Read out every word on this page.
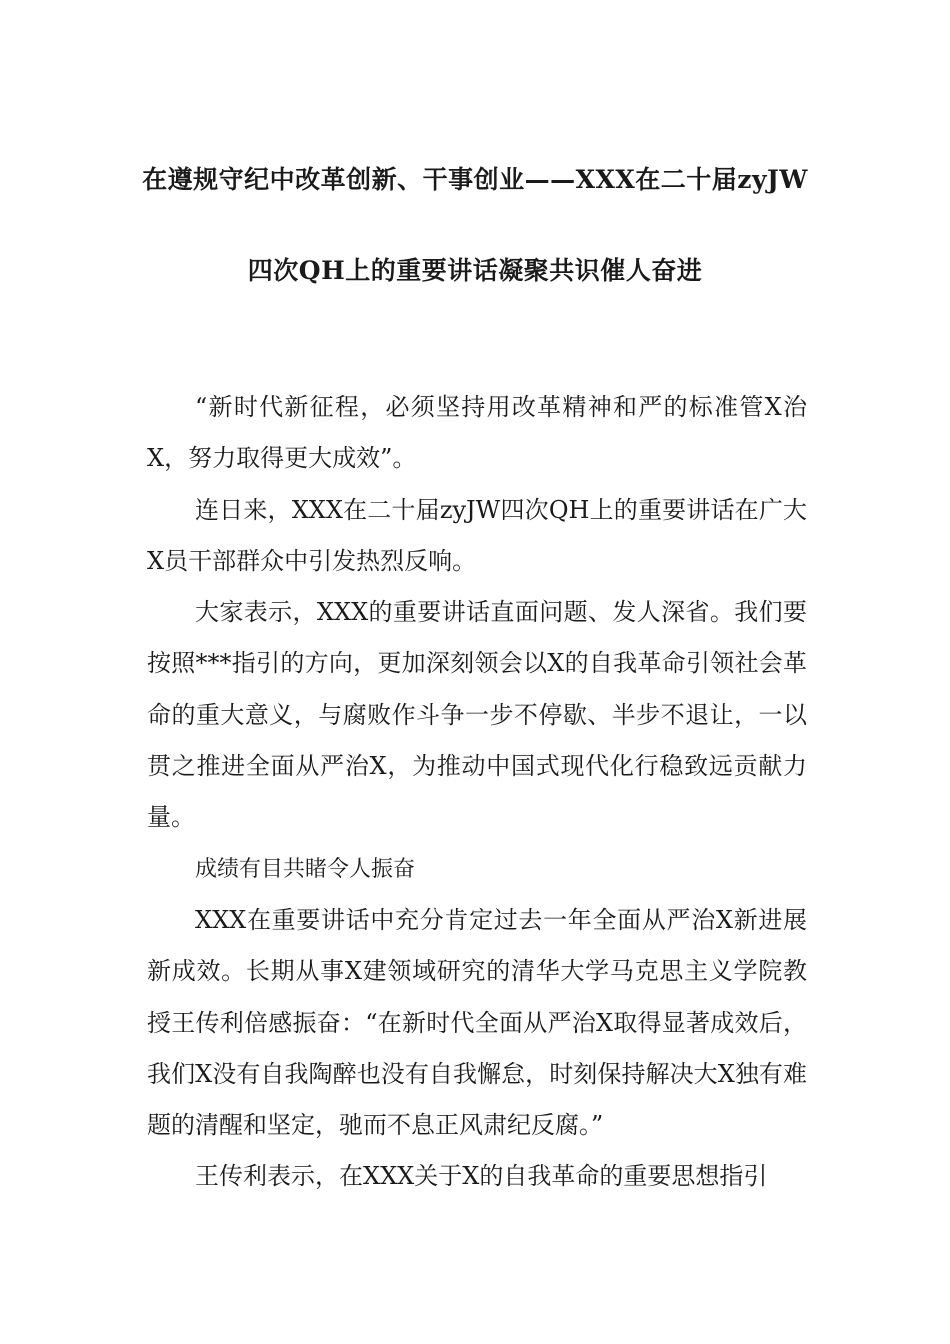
在遵规守纪中改革创新、干事创业——XXX在二十届zyJW
四次QH上的重要讲话凝聚共识催人奋进

“新时代新征程，必须坚持用改革精神和严的标准管X治X，努力取得更大成效”。

连日来，XXX在二十届zyJW四次QH上的重要讲话在广大X员干部群众中引发热烈反响。

大家表示，XXX的重要讲话直面问题、发人深省。我们要按照***指引的方向，更加深刻领会以X的自我革命引领社会革命的重大意义，与腐败作斗争一步不停歇、半步不退让，一以贯之推进全面从严治X，为推动中国式现代化行稳致远贡献力量。

成绩有目共睹令人振奋

XXX在重要讲话中充分肯定过去一年全面从严治X新进展新成效。长期从事X建领域研究的清华大学马克思主义学院教授王传利倍感振奋：“在新时代全面从严治X取得显著成效后，我们X没有自我陶醉也没有自我懈怠，时刻保持解决大X独有难题的清醒和坚定，驰而不息正风肃纪反腐。”

王传利表示，在XXX关于X的自我革命的重要思想指引
